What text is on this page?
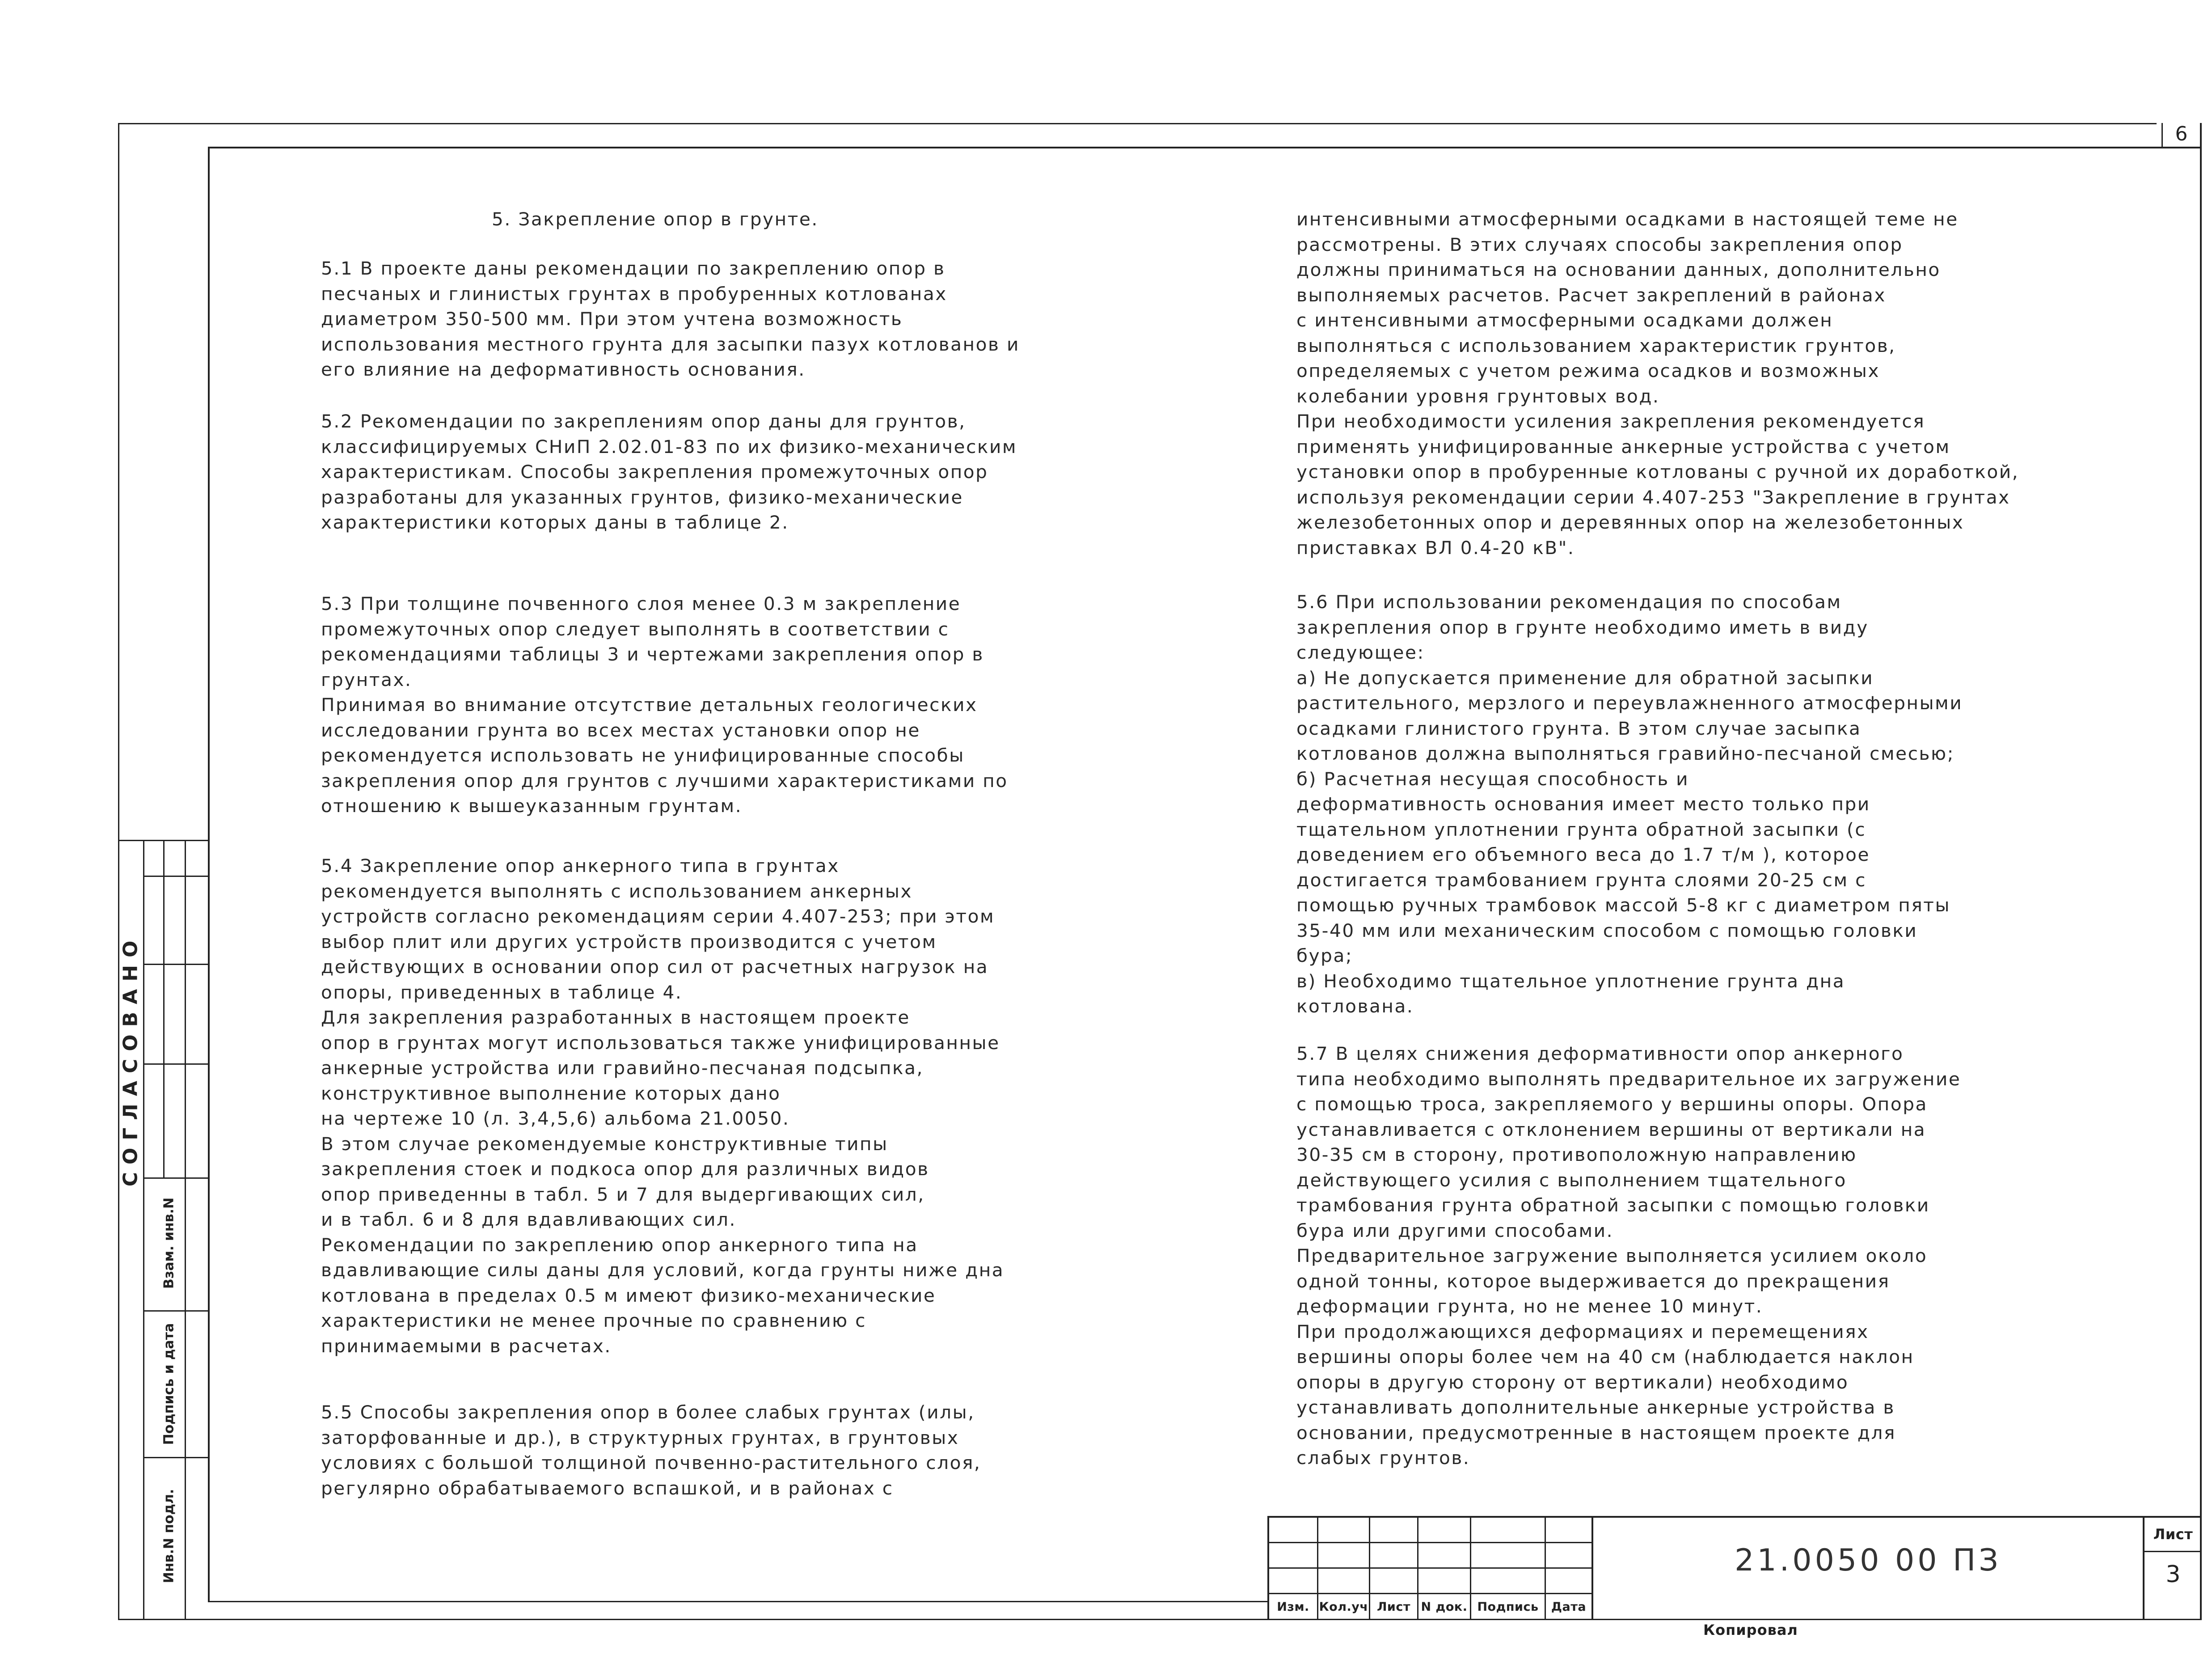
6
СОГЛАСОВАНО
Взам. инв.N
Подпись и дата
Инв.N подл.
5. Закрепление опор в грунте.
5.1 В проекте даны рекомендации по закреплению опор в
песчаных и глинистых грунтах в пробуренных котлованах
диаметром 350-500 мм. При этом учтена возможность
использования местного грунта для засыпки пазух котлованов и
его влияние на деформативность основания.
5.2 Рекомендации по закреплениям опор даны для грунтов,
классифицируемых СНиП 2.02.01-83 по их физико-механическим
характеристикам. Способы закрепления промежуточных опор
разработаны для указанных грунтов, физико-механические
характеристики которых даны в таблице 2.
5.3 При толщине почвенного слоя менее 0.3 м закрепление
промежуточных опор следует выполнять в соответствии с
рекомендациями таблицы 3 и чертежами закрепления опор в
грунтах.
Принимая во внимание отсутствие детальных геологических
исследовании грунта во всех местах установки опор не
рекомендуется использовать не унифицированные способы
закрепления опор для грунтов с лучшими характеристиками по
отношению к вышеуказанным грунтам.
5.4 Закрепление опор анкерного типа в грунтах
рекомендуется выполнять с использованием анкерных
устройств согласно рекомендациям серии 4.407-253; при этом
выбор плит или других устройств производится с учетом
действующих в основании опор сил от расчетных нагрузок на
опоры, приведенных в таблице 4.
Для закрепления разработанных в настоящем проекте
опор в грунтах могут использоваться также унифицированные
анкерные устройства или гравийно-песчаная подсыпка,
конструктивное выполнение которых дано
на чертеже 10 (л. 3,4,5,6) альбома 21.0050.
В этом случае рекомендуемые конструктивные типы
закрепления стоек и подкоса опор для различных видов
опор приведенны в табл. 5 и 7 для выдергивающих сил,
и в табл. 6 и 8 для вдавливающих сил.
Рекомендации по закреплению опор анкерного типа на
вдавливающие силы даны для условий, когда грунты ниже дна
котлована в пределах 0.5 м имеют физико-механические
характеристики не менее прочные по сравнению с
принимаемыми в расчетах.
5.5 Способы закрепления опор в более слабых грунтах (илы,
заторфованные и др.), в структурных грунтах, в грунтовых
условиях с большой толщиной почвенно-растительного слоя,
регулярно обрабатываемого вспашкой, и в районах с
интенсивными атмосферными осадками в настоящей теме не
рассмотрены. В этих случаях способы закрепления опор
должны приниматься на основании данных, дополнительно
выполняемых расчетов. Расчет закреплений в районах
с интенсивными атмосферными осадками должен
выполняться с использованием характеристик грунтов,
определяемых с учетом режима осадков и возможных
колебании уровня грунтовых вод.
При необходимости усиления закрепления рекомендуется
применять унифицированные анкерные устройства с учетом
установки опор в пробуренные котлованы с ручной их доработкой,
используя рекомендации серии 4.407-253 "Закрепление в грунтах
железобетонных опор и деревянных опор на железобетонных
приставках ВЛ 0.4-20 кВ".
5.6 При использовании рекомендация по способам
закрепления опор в грунте необходимо иметь в виду
следующее:
а) Не допускается применение для обратной засыпки
растительного, мерзлого и переувлажненного атмосферными
осадками глинистого грунта. В этом случае засыпка
котлованов должна выполняться гравийно-песчаной смесью;
б) Расчетная несущая способность и
деформативность основания имеет место только при
тщательном уплотнении грунта обратной засыпки (с
доведением его объемного веса до 1.7 т/м ), которое
достигается трамбованием грунта слоями 20-25 см с
помощью ручных трамбовок массой 5-8 кг с диаметром пяты
35-40 мм или механическим способом с помощью головки
бура;
в) Необходимо тщательное уплотнение грунта дна
котлована.
5.7 В целях снижения деформативности опор анкерного
типа необходимо выполнять предварительное их загружение
с помощью троса, закрепляемого у вершины опоры. Опора
устанавливается с отклонением вершины от вертикали на
30-35 см в сторону, противоположную направлению
действующего усилия с выполнением тщательного
трамбования грунта обратной засыпки с помощью головки
бура или другими способами.
Предварительное загружение выполняется усилием около
одной тонны, которое выдерживается до прекращения
деформации грунта, но не менее 10 минут.
При продолжающихся деформациях и перемещениях
вершины опоры более чем на 40 см (наблюдается наклон
опоры в другую сторону от вертикали) необходимо
устанавливать дополнительные анкерные устройства в
основании, предусмотренные в настоящем проекте для
слабых грунтов.
Изм. Кол.уч Лист N док. Подпись	Дата
21.0050 00 ПЗ
Лист
3
Копировал
